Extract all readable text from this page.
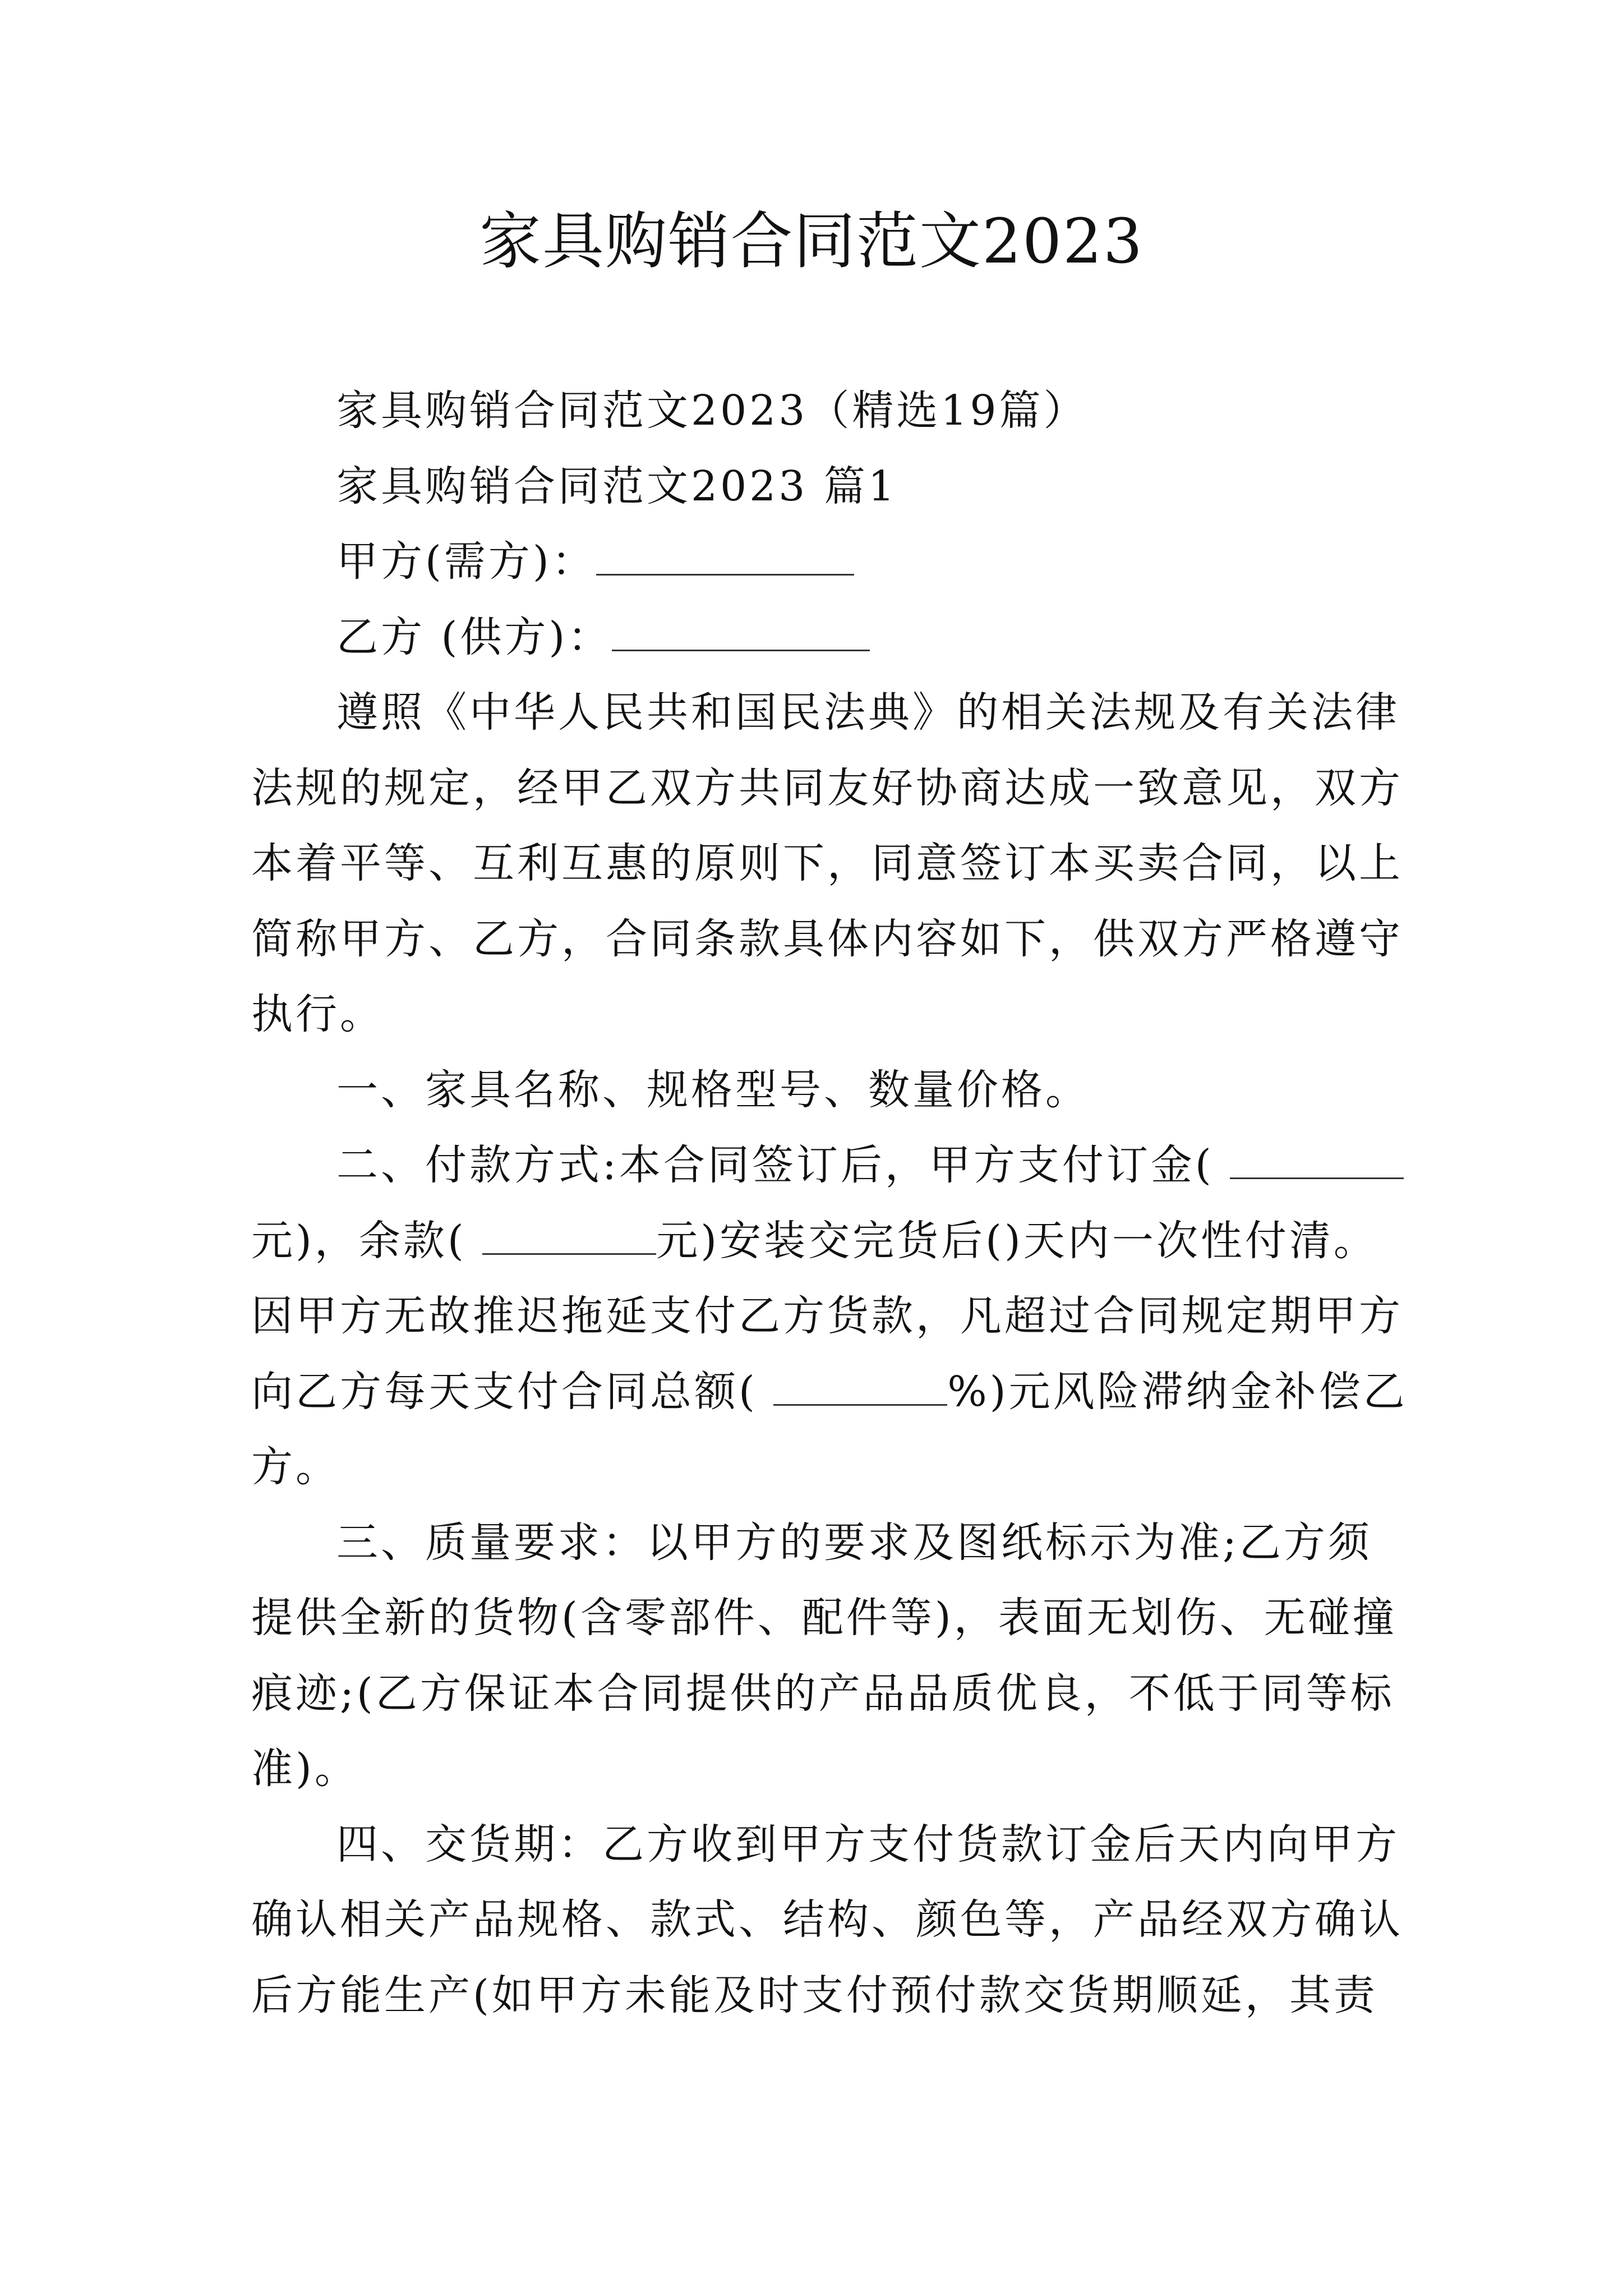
家具购销合同范文2023
家具购销合同范文2023（精选19篇）
家具购销合同范文2023 篇1
甲方(需方)：
乙方 (供方)：
遵照《中华人民共和国民法典》的相关法规及有关法律
法规的规定，经甲乙双方共同友好协商达成一致意见，双方
本着平等、互利互惠的原则下，同意签订本买卖合同，以上
简称甲方、乙方，合同条款具体内容如下，供双方严格遵守
执行。
一、家具名称、规格型号、数量价格。
二、付款方式:本合同签订后，甲方支付订金(
元)，余款(	元)安装交完货后()天内一次性付清。
因甲方无故推迟拖延支付乙方货款，凡超过合同规定期甲方
向乙方每天支付合同总额(	%)元风险滞纳金补偿乙
方。
三、质量要求：以甲方的要求及图纸标示为准;乙方须
提供全新的货物(含零部件、配件等)，表面无划伤、无碰撞
痕迹;(乙方保证本合同提供的产品品质优良，不低于同等标
准)。
四、交货期：乙方收到甲方支付货款订金后天内向甲方
确认相关产品规格、款式、结构、颜色等，产品经双方确认
后方能生产(如甲方未能及时支付预付款交货期顺延，其责
